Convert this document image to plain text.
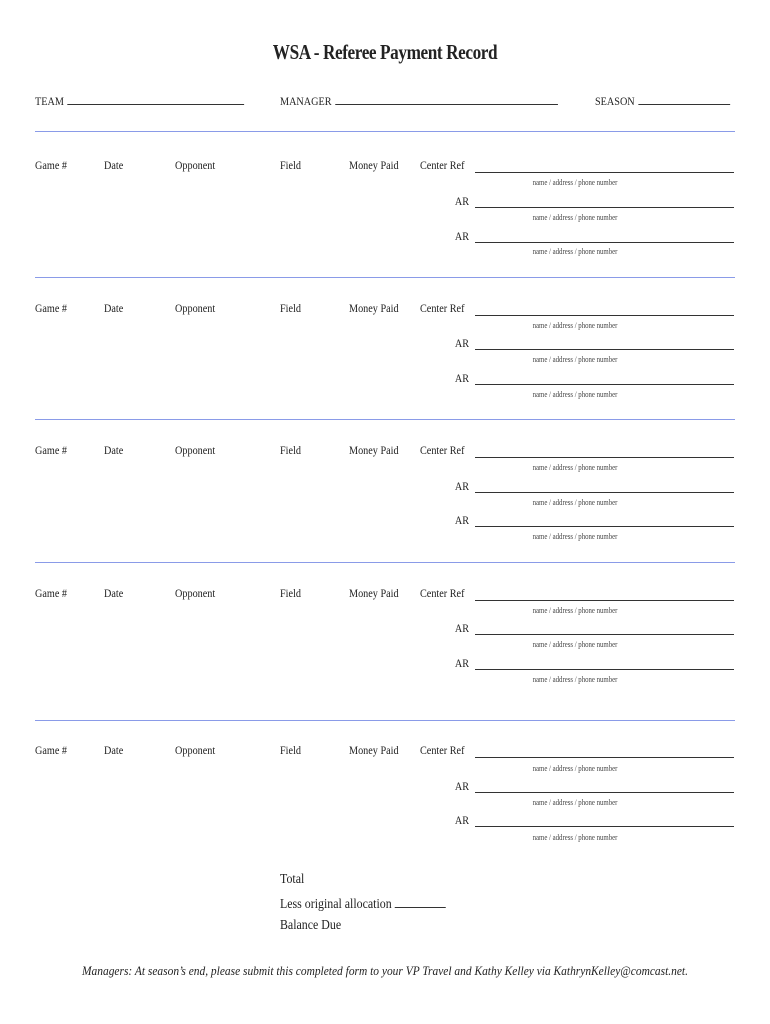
WSA - Referee Payment Record
TEAM	MANAGER	SEASON
Game #	Date	Opponent	Field	Money Paid Center Ref
name / address / phone number
AR
name / address / phone number
AR
name / address / phone number
Game #	Date	Opponent	Field	Money Paid Center Ref
name / address / phone number
AR
name / address / phone number
AR
name / address / phone number
Game #	Date	Opponent	Field	Money Paid Center Ref
name / address / phone number
AR
name / address / phone number
AR
name / address / phone number
Game #	Date	Opponent	Field	Money Paid Center Ref
name / address / phone number
AR
name / address / phone number
AR
name / address / phone number
Game #	Date	Opponent	Field	Money Paid Center Ref
name / address / phone number
AR
name / address / phone number
AR
name / address / phone number
Total
Less original allocation
Balance Due
Managers: At season’s end, please submit this completed form to your VP Travel and Kathy Kelley via KathrynKelley@comcast.net.
